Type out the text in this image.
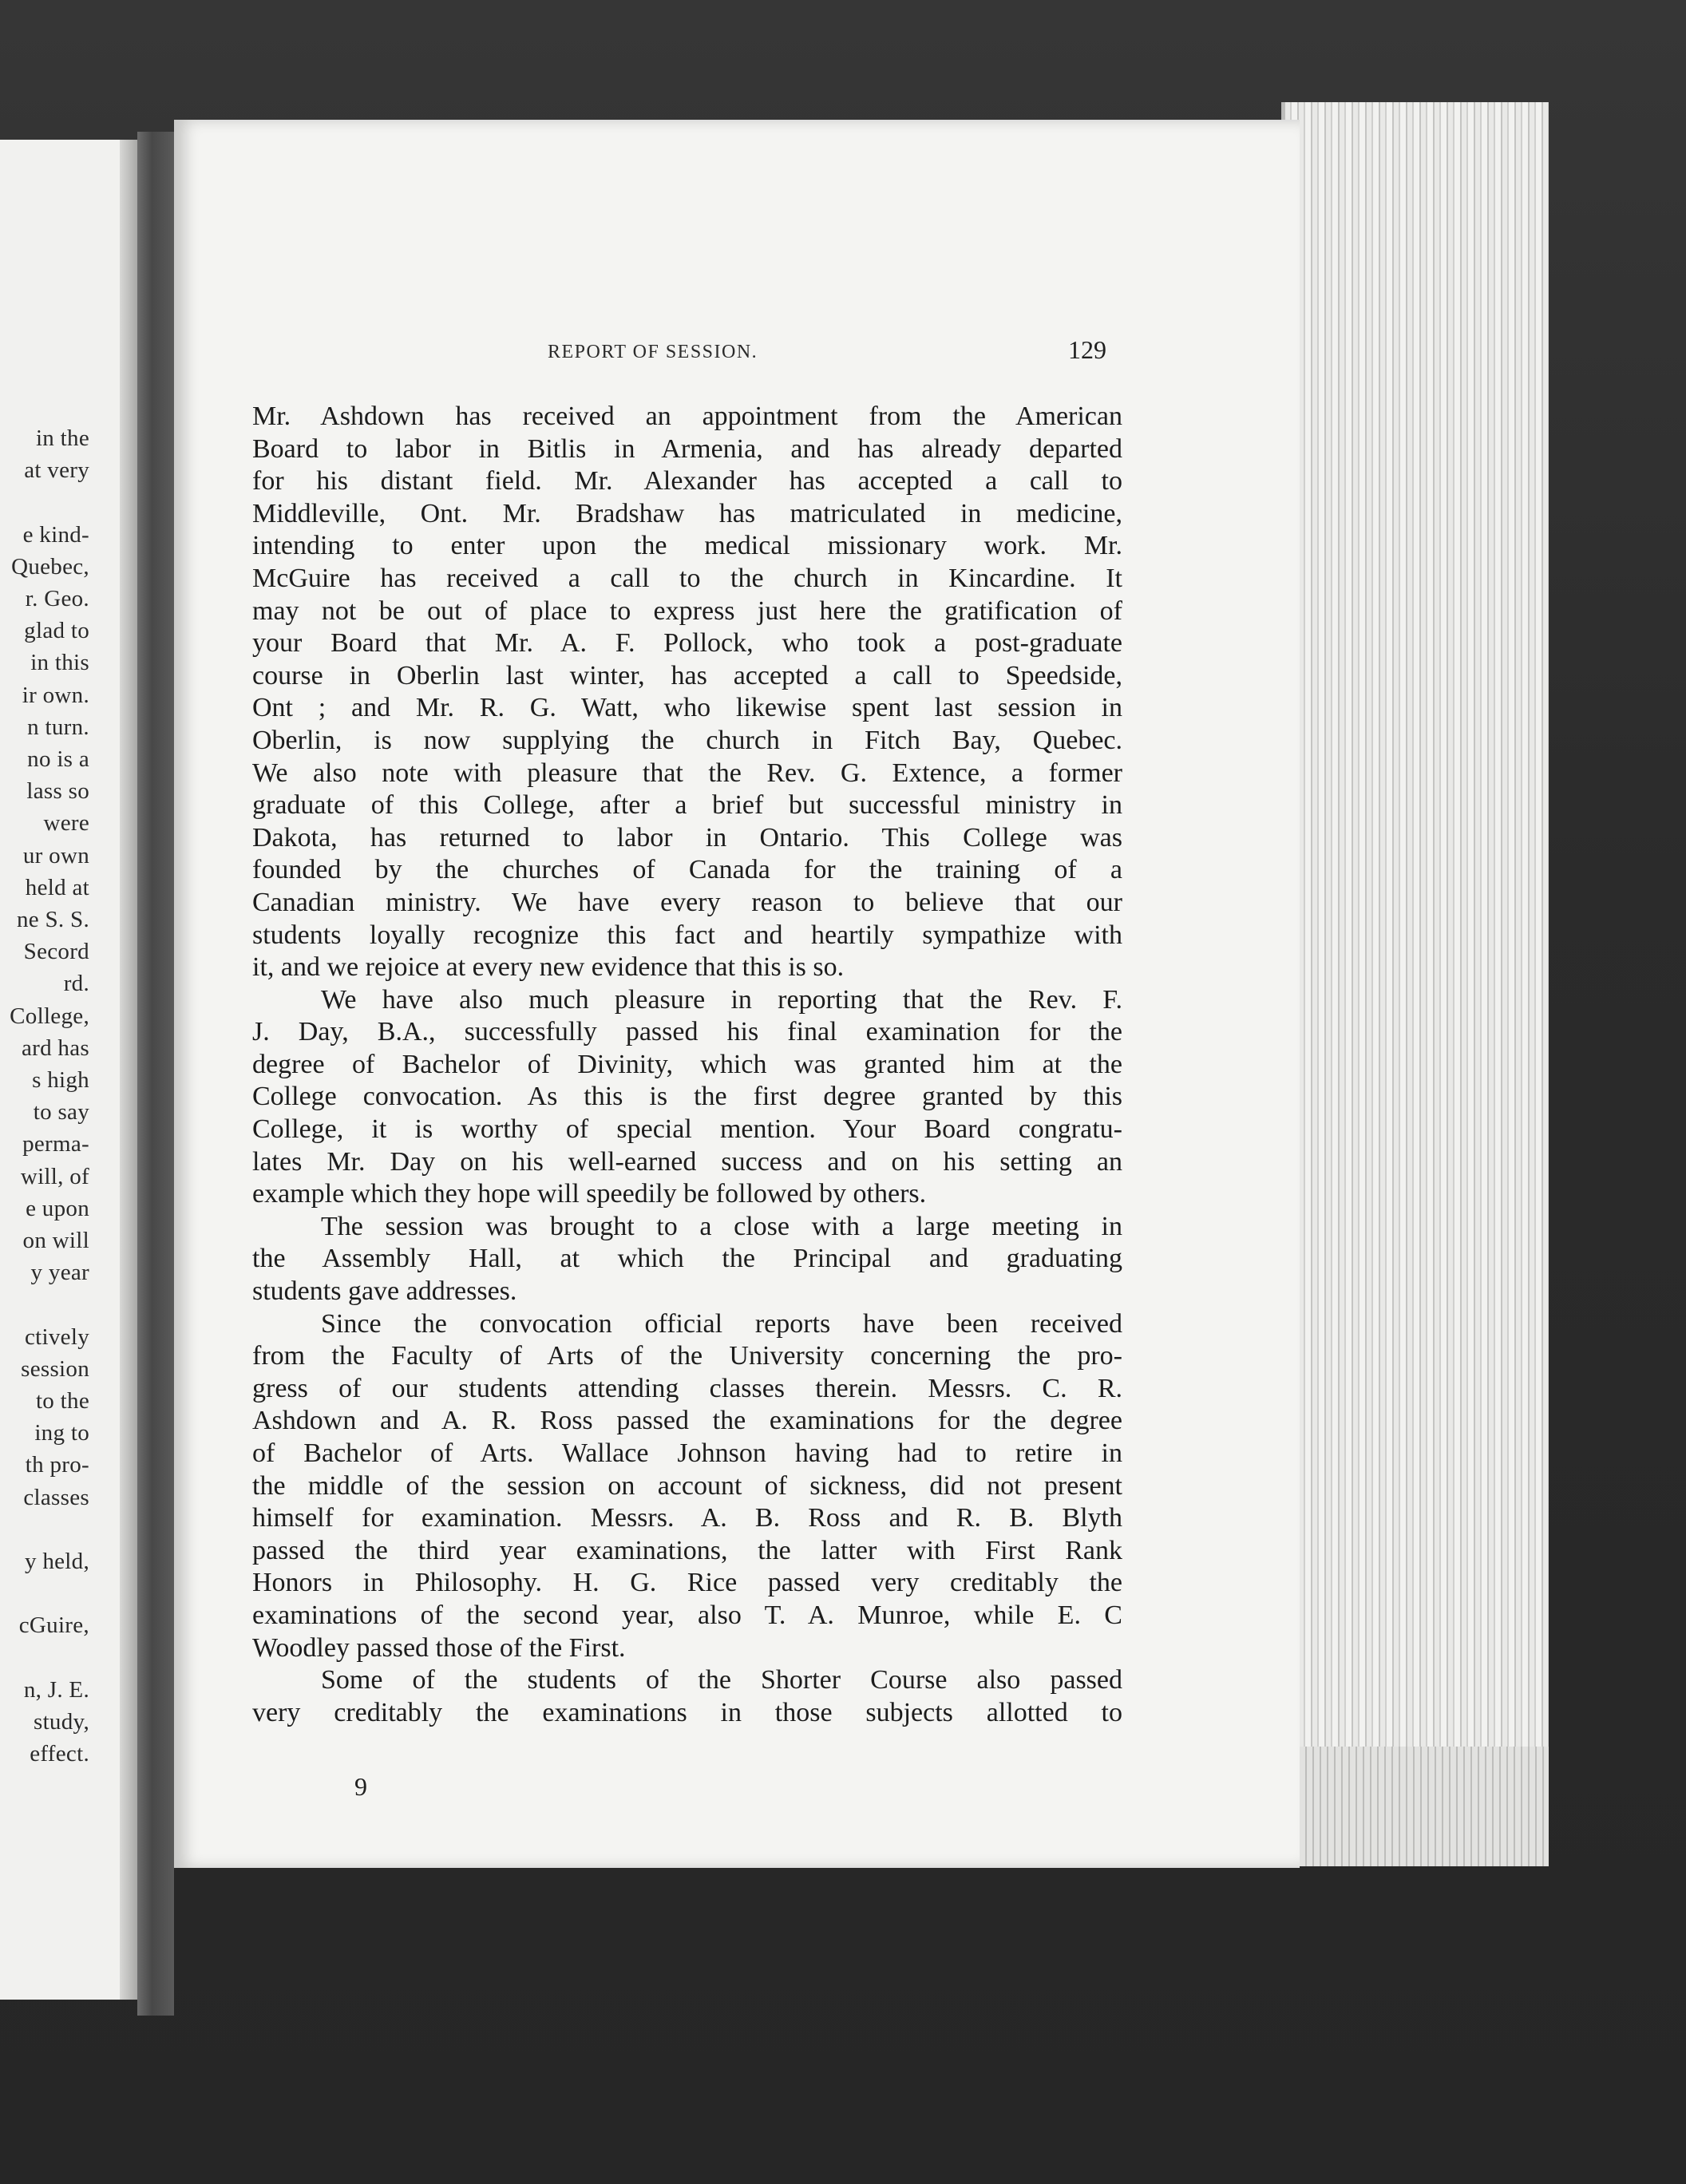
in the
at very
e kind-
Quebec,
r. Geo.
glad to
in this
ir own.
n turn.
no is a
lass so
were
ur own
held at
ne S. S.
Secord
rd.
College,
ard has
s high
to say
perma-
will, of
e upon
on will
y year
ctively
session
to the
ing to
th pro-
classes
y held,
cGuire,
n, J. E.
study,
effect.
REPORT OF SESSION.	129
Mr. Ashdown has received an appointment from the American
Board to labor in Bitlis in Armenia, and has already departed
for his distant field. Mr. Alexander has accepted a call to
Middleville, Ont. Mr. Bradshaw has matriculated in medicine,
intending to enter upon the medical missionary work. Mr.
McGuire has received a call to the church in Kincardine. It
may not be out of place to express just here the gratification of
your Board that Mr. A. F. Pollock, who took a post-graduate
course in Oberlin last winter, has accepted a call to Speedside,
Ont ; and Mr. R. G. Watt, who likewise spent last session in
Oberlin, is now supplying the church in Fitch Bay, Quebec.
We also note with pleasure that the Rev. G. Extence, a former
graduate of this College, after a brief but successful ministry in
Dakota, has returned to labor in Ontario. This College was
founded by the churches of Canada for the training of a
Canadian ministry. We have every reason to believe that our
students loyally recognize this fact and heartily sympathize with
it, and we rejoice at every new evidence that this is so.
We have also much pleasure in reporting that the Rev. F.
J. Day, B.A., successfully passed his final examination for the
degree of Bachelor of Divinity, which was granted him at the
College convocation. As this is the first degree granted by this
College, it is worthy of special mention. Your Board congratu-
lates Mr. Day on his well-earned success and on his setting an
example which they hope will speedily be followed by others.
The session was brought to a close with a large meeting in
the Assembly Hall, at which the Principal and graduating
students gave addresses.
Since the convocation official reports have been received
from the Faculty of Arts of the University concerning the pro-
gress of our students attending classes therein. Messrs. C. R.
Ashdown and A. R. Ross passed the examinations for the degree
of Bachelor of Arts. Wallace Johnson having had to retire in
the middle of the session on account of sickness, did not present
himself for examination. Messrs. A. B. Ross and R. B. Blyth
passed the third year examinations, the latter with First Rank
Honors in Philosophy. H. G. Rice passed very creditably the
examinations of the second year, also T. A. Munroe, while E. C
Woodley passed those of the First.
Some of the students of the Shorter Course also passed
very creditably the examinations in those subjects allotted to
9
